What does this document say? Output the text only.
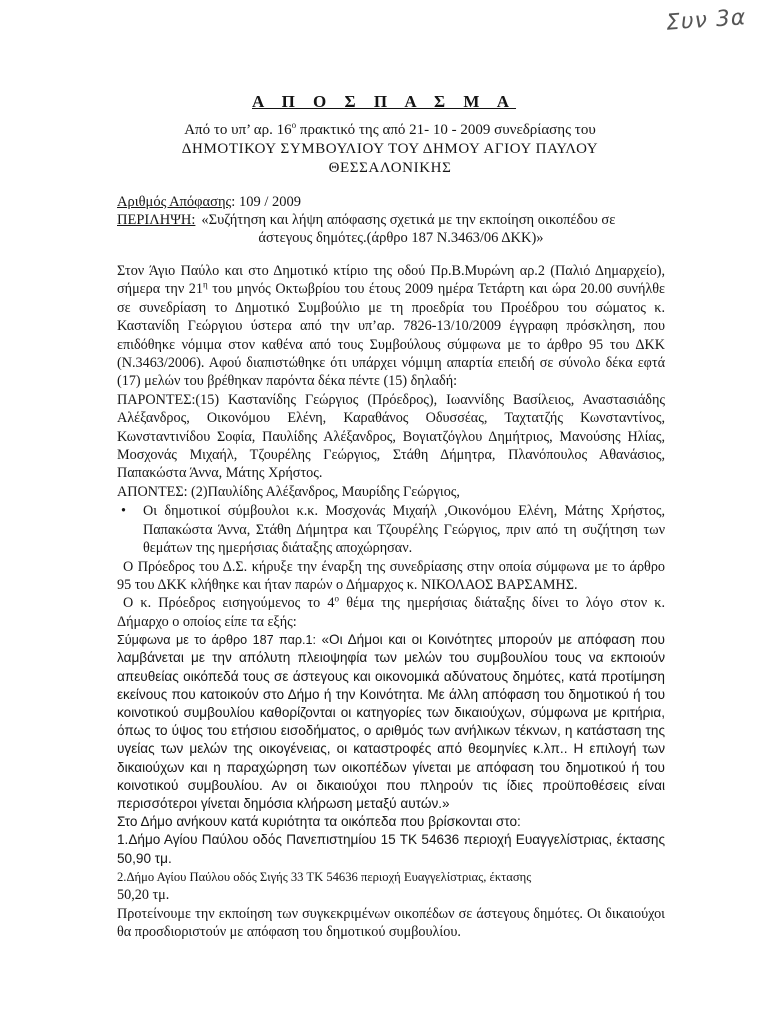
Συν 3α
Α Π Ο Σ Π Α Σ Μ Α
Από το υπ’ αρ. $16^o$ πρακτικό της από 21- 10 - 2009 συνεδρίασης του
ΔΗΜΟΤΙΚΟΥ ΣΥΜΒΟΥΛΙΟΥ ΤΟΥ ΔΗΜΟΥ ΑΓΙΟΥ ΠΑΥΛΟΥ
ΘΕΣΣΑΛΟΝΙΚΗΣ
Αριθμός Απόφασης: 109 / 2009
ΠΕΡΙΛΗΨΗ: «Συζήτηση και λήψη απόφασης σχετικά με την εκποίηση οικοπέδου σε
άστεγους δημότες.(άρθρο 187 Ν.3463/06 ΔΚΚ)»

Στον Άγιο Παύλο και στο Δημοτικό κτίριο της οδού Πρ.Β.Μυρώνη αρ.2 (Παλιό Δημαρχείο), σήμερα την $21^\eta$ του μηνός Οκτωβρίου του έτους 2009 ημέρα Τετάρτη και ώρα 20.00 συνήλθε σε συνεδρίαση το Δημοτικό Συμβούλιο με τη προεδρία του Προέδρου του σώματος κ. Καστανίδη Γεώργιου ύστερα από την υπ’αρ. 7826-13/10/2009 έγγραφη πρόσκληση, που επιδόθηκε νόμιμα στον καθένα από τους Συμβούλους σύμφωνα με το άρθρο 95 του ΔΚΚ (Ν.3463/2006). Αφού διαπιστώθηκε ότι υπάρχει νόμιμη απαρτία επειδή σε σύνολο δέκα εφτά (17) μελών του βρέθηκαν παρόντα δέκα πέντε (15) δηλαδή:

ΠΑΡΟΝΤΕΣ:(15) Καστανίδης Γεώργιος (Πρόεδρος), Ιωαννίδης Βασίλειος, Αναστασιάδης Αλέξανδρος, Οικονόμου Ελένη, Καραθάνος Οδυσσέας, Ταχτατζής Κωνσταντίνος, Κωνσταντινίδου Σοφία, Παυλίδης Αλέξανδρος, Βογιατζόγλου Δημήτριος, Μανούσης Ηλίας, Μοσχονάς Μιχαήλ, Τζουρέλης Γεώργιος, Στάθη Δήμητρα, Πλανόπουλος Αθανάσιος, Παπακώστα Άννα, Μάτης Χρήστος.

ΑΠΟΝΤΕΣ: (2)Παυλίδης Αλέξανδρος, Μαυρίδης Γεώργιος,

•	Οι δημοτικοί σύμβουλοι κ.κ. Μοσχονάς Μιχαήλ ,Οικονόμου Ελένη, Μάτης Χρήστος, Παπακώστα Άννα, Στάθη Δήμητρα και Τζουρέλης Γεώργιος, πριν από τη συζήτηση των θεμάτων της ημερήσιας διάταξης αποχώρησαν.

Ο Πρόεδρος του Δ.Σ. κήρυξε την έναρξη της συνεδρίασης στην οποία σύμφωνα με το άρθρο 95 του ΔΚΚ κλήθηκε και ήταν παρών ο Δήμαρχος κ. ΝΙΚΟΛΑΟΣ ΒΑΡΣΑΜΗΣ.

Ο κ. Πρόεδρος εισηγούμενος το $4^o$ θέμα της ημερήσιας διάταξης δίνει το λόγο στον κ. Δήμαρχο ο οποίος είπε τα εξής:

Σύμφωνα με το άρθρο 187 παρ.1: «Οι Δήμοι και οι Κοινότητες μπορούν με απόφαση που λαμβάνεται με την απόλυτη πλειοψηφία των μελών του συμβουλίου τους να εκποιούν απευθείας οικόπεδά τους σε άστεγους και οικονομικά αδύνατους δημότες, κατά προτίμηση εκείνους που κατοικούν στο Δήμο ή την Κοινότητα. Με άλλη απόφαση του δημοτικού ή του κοινοτικού συμβουλίου καθορίζονται οι κατηγορίες των δικαιούχων, σύμφωνα με κριτήρια, όπως το ύψος του ετήσιου εισοδήματος, ο αριθμός των ανήλικων τέκνων, η κατάσταση της υγείας των μελών της οικογένειας, οι καταστροφές από θεομηνίες κ.λπ.. Η επιλογή των δικαιούχων και η παραχώρηση των οικοπέδων γίνεται με απόφαση του δημοτικού ή του κοινοτικού συμβουλίου. Αν οι δικαιούχοι που πληρούν τις ίδιες προϋποθέσεις είναι περισσότεροι γίνεται δημόσια κλήρωση μεταξύ αυτών.»

Στο Δήμο ανήκουν κατά κυριότητα τα οικόπεδα που βρίσκονται στο:

1.Δήμο Αγίου Παύλου οδός Πανεπιστημίου 15 ΤΚ 54636 περιοχή Ευαγγελίστριας, έκτασης 50,90 τμ.

2.Δήμο Αγίου Παύλου οδός Σιγής 33 ΤΚ 54636 περιοχή Ευαγγελίστριας, έκτασης
50,20 τμ.

Προτείνουμε την εκποίηση των συγκεκριμένων οικοπέδων σε άστεγους δημότες. Οι δικαιούχοι θα προσδιοριστούν με απόφαση του δημοτικού συμβουλίου.
